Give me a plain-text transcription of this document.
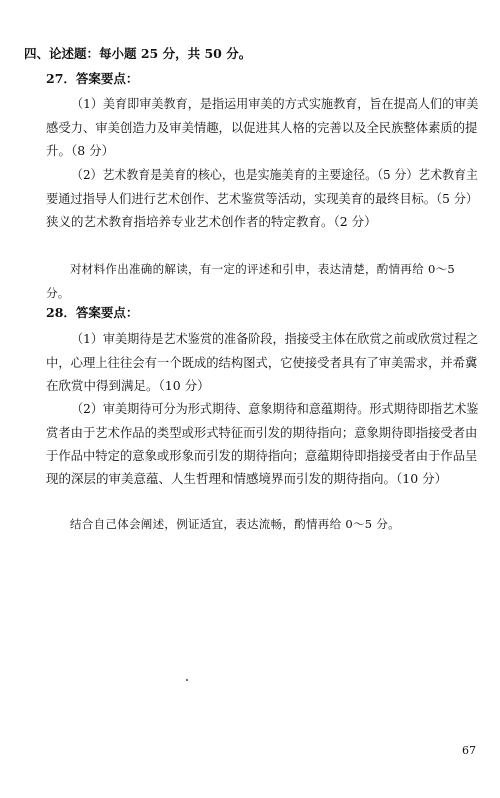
四、论述题：每小题 25 分，共 50 分。
27．答案要点：
（1）美育即审美教育，是指运用审美的方式实施教育，旨在提高人们的审美
感受力、审美创造力及审美情趣，以促进其人格的完善以及全民族整体素质的提
升。（8 分）
（2）艺术教育是美育的核心，也是实施美育的主要途径。（5 分）艺术教育主
要通过指导人们进行艺术创作、艺术鉴赏等活动，实现美育的最终目标。（5 分）
狭义的艺术教育指培养专业艺术创作者的特定教育。（2 分）
对材料作出准确的解读，有一定的评述和引申，表达清楚，酌情再给 0～5
分。
28．答案要点：
（1）审美期待是艺术鉴赏的准备阶段，指接受主体在欣赏之前或欣赏过程之
中，心理上往往会有一个既成的结构图式，它使接受者具有了审美需求，并希冀
在欣赏中得到满足。（10 分）
（2）审美期待可分为形式期待、意象期待和意蕴期待。形式期待即指艺术鉴
赏者由于艺术作品的类型或形式特征而引发的期待指向；意象期待即指接受者由
于作品中特定的意象或形象而引发的期待指向；意蕴期待即指接受者由于作品呈
现的深层的审美意蕴、人生哲理和情感境界而引发的期待指向。（10 分）
结合自己体会阐述，例证适宜，表达流畅，酌情再给 0～5 分。
67
